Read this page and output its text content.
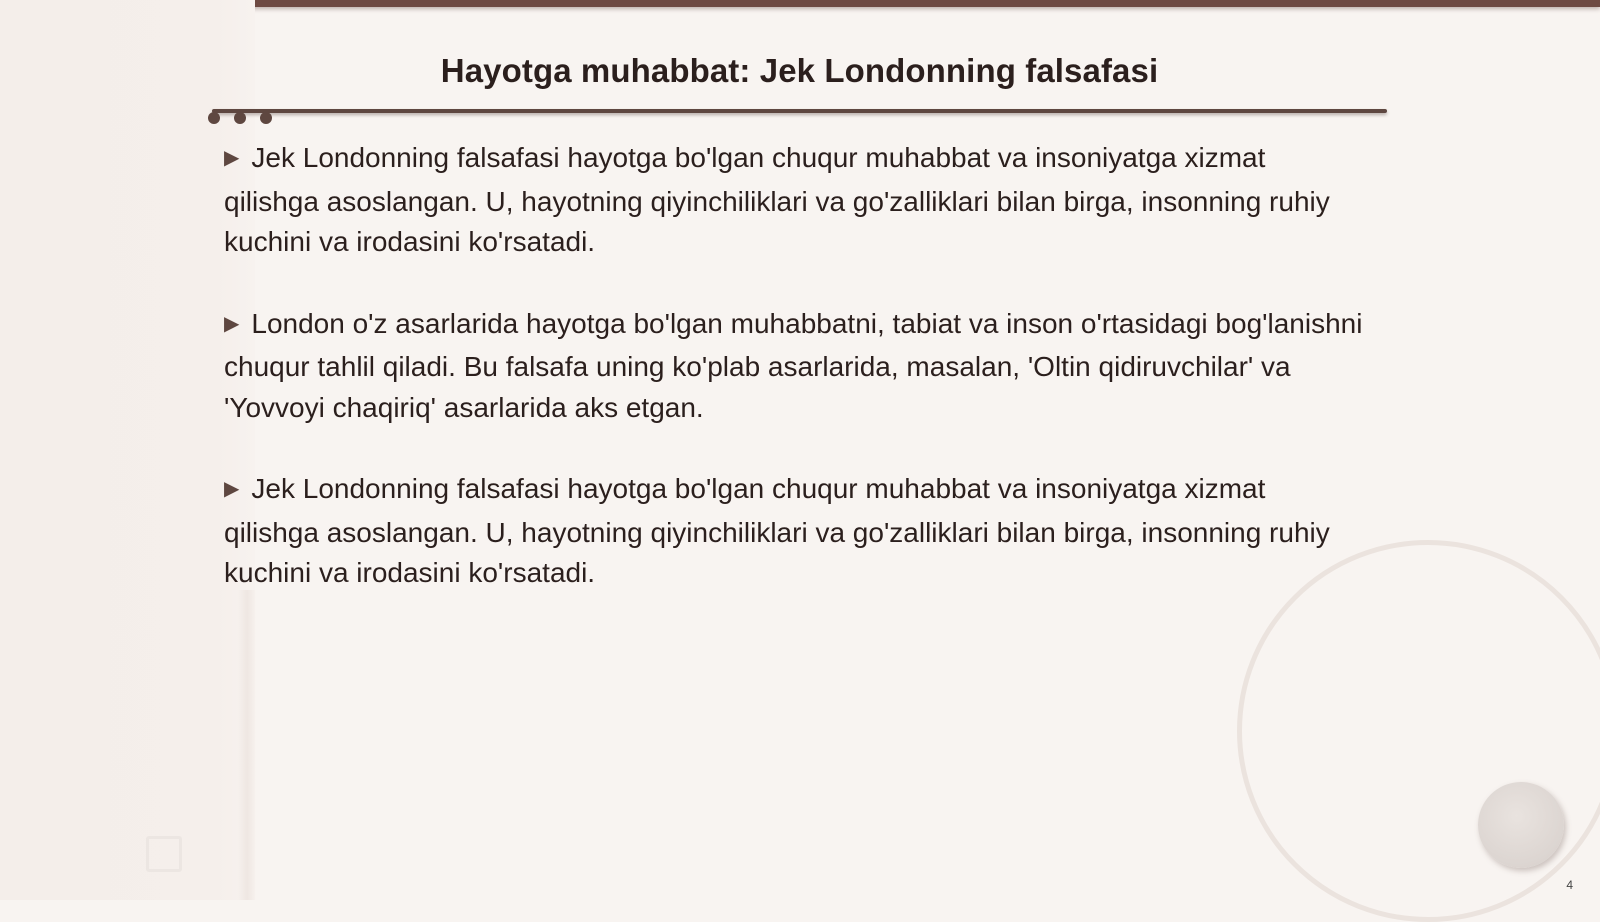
Hayotga muhabbat: Jek Londonning falsafasi

▶ Jek Londonning falsafasi hayotga bo'lgan chuqur muhabbat va insoniyatga xizmat qilishga asoslangan. U, hayotning qiyinchiliklari va go'zalliklari bilan birga, insonning ruhiy kuchini va irodasini ko'rsatadi.

▶ London o'z asarlarida hayotga bo'lgan muhabbatni, tabiat va inson o'rtasidagi bog'lanishni chuqur tahlil qiladi. Bu falsafa uning ko'plab asarlarida, masalan, 'Oltin qidiruvchilar' va 'Yovvoyi chaqiriq' asarlarida aks etgan.

▶ Jek Londonning falsafasi hayotga bo'lgan chuqur muhabbat va insoniyatga xizmat qilishga asoslangan. U, hayotning qiyinchiliklari va go'zalliklari bilan birga, insonning ruhiy kuchini va irodasini ko'rsatadi.

4
